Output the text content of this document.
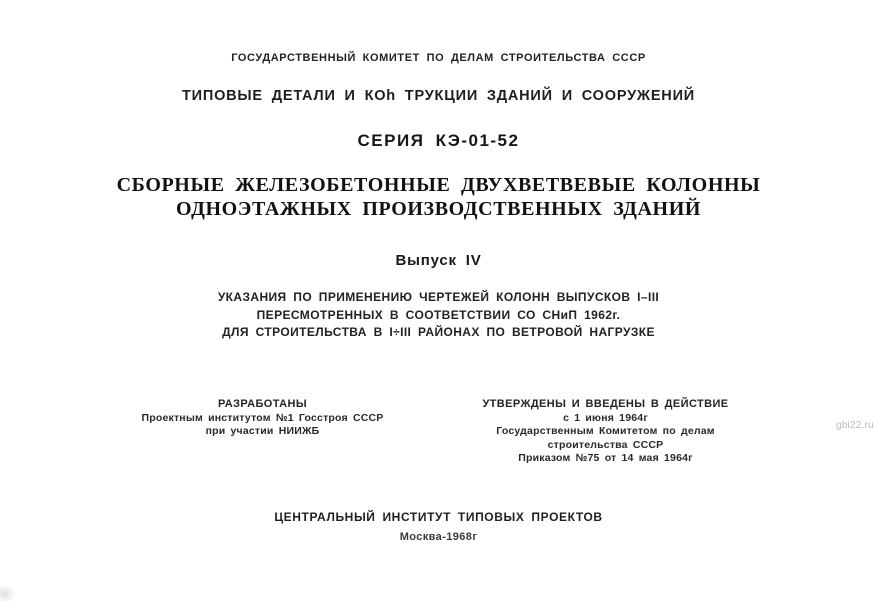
ГОСУДАРСТВЕННЫЙ КОМИТЕТ ПО ДЕЛАМ СТРОИТЕЛЬСТВА СССР
ТИПОВЫЕ ДЕТАЛИ И КОh ТРУКЦИИ ЗДАНИЙ И СООРУЖЕНИЙ
СЕРИЯ КЭ-01-52
СБОРНЫЕ ЖЕЛЕЗОБЕТОННЫЕ ДВУХВЕТВЕВЫЕ КОЛОННЫ
ОДНОЭТАЖНЫХ ПРОИЗВОДСТВЕННЫХ ЗДАНИЙ
Выпуск IV
УКАЗАНИЯ ПО ПРИМЕНЕНИЮ ЧЕРТЕЖЕЙ КОЛОНН ВЫПУСКОВ I–III
ПЕРЕСМОТРЕННЫХ В СООТВЕТСТВИИ СО СНиП 1962г.
ДЛЯ СТРОИТЕЛЬСТВА В I÷III РАЙОНАХ ПО ВЕТРОВОЙ НАГРУЗКЕ
РАЗРАБОТАНЫ
Проектным институтом №1 Госстроя СССР
при участии НИИЖБ
УТВЕРЖДЕНЫ И ВВЕДЕНЫ В ДЕЙСТВИЕ
с 1 июня 1964г
Государственным Комитетом по делам
строительства СССР
Приказом №75 от 14 мая 1964г
ЦЕНТРАЛЬНЫЙ ИНСТИТУТ ТИПОВЫХ ПРОЕКТОВ
Москва-1968г
gbi22.ru
